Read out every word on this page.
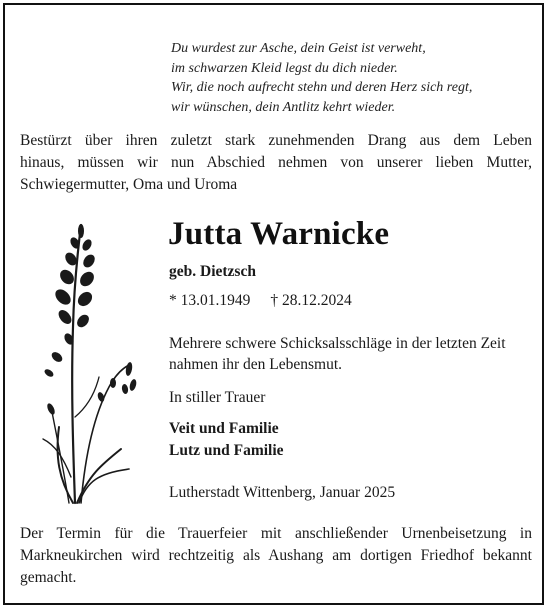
Du wurdest zur Asche, dein Geist ist verweht,
im schwarzen Kleid legst du dich nieder.
Wir, die noch aufrecht stehn und deren Herz sich regt,
wir wünschen, dein Antlitz kehrt wieder.
Bestürzt über ihren zuletzt stark zunehmenden Drang aus dem Leben
hinaus, müssen wir nun Abschied nehmen von unserer lieben Mutter,
Schwiegermutter, Oma und Uroma
Jutta Warnicke
geb. Dietzsch
* 13.01.1949 † 28.12.2024
Mehrere schwere Schicksalsschläge in der letzten Zeit
nahmen ihr den Lebensmut.
In stiller Trauer
Veit und Familie
Lutz und Familie
Lutherstadt Wittenberg, Januar 2025
Der Termin für die Trauerfeier mit anschließender Urnenbeisetzung in
Markneukirchen wird rechtzeitig als Aushang am dortigen Friedhof bekannt
gemacht.
